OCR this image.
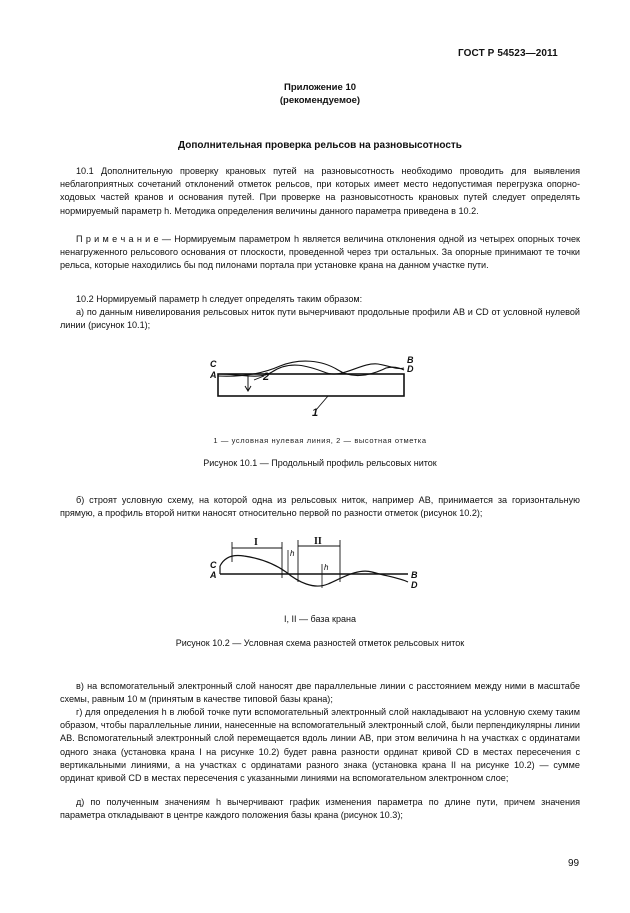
ГОСТ Р 54523—2011
Приложение 10
(рекомендуемое)
Дополнительная проверка рельсов на разновысотность
10.1 Дополнительную проверку крановых путей на разновысотность необходимо проводить для выявления неблагоприятных сочетаний отклонений отметок рельсов, при которых имеет место недопустимая перегрузка опорно-ходовых частей кранов и основания путей. При проверке на разновысотность крановых путей следует определять нормируемый параметр h. Методика определения величины данного параметра приведена в 10.2.
П р и м е ч а н и е — Нормируемым параметром h является величина отклонения одной из четырех опорных точек ненагруженного рельсового основания от плоскости, проведенной через три остальных. За опорные принимают те точки рельса, которые находились бы под пилонами портала при установке крана на данном участке пути.
10.2 Нормируемый параметр h следует определять таким образом:
а) по данным нивелирования рельсовых ниток пути вычерчивают продольные профили AB и CD от условной нулевой линии (рисунок 10.1);
C
A
B
D
2
1
1 — условная нулевая линия, 2 — высотная отметка
Рисунок 10.1 — Продольный профиль рельсовых ниток
б) строят условную схему, на которой одна из рельсовых ниток, например AB, принимается за горизонтальную прямую, а профиль второй нитки наносят относительно первой по разности отметок (рисунок 10.2);
I	II
h
h
C
A	B
D
I, II — база крана
Рисунок 10.2 — Условная схема разностей отметок рельсовых ниток
в) на вспомогательный электронный слой наносят две параллельные линии с расстоянием между ними в масштабе схемы, равным 10 м (принятым в качестве типовой базы крана);
г) для определения h в любой точке пути вспомогательный электронный слой накладывают на условную схему таким образом, чтобы параллельные линии, нанесенные на вспомогательный электронный слой, были перпендикулярны линии AB. Вспомогательный электронный слой перемещается вдоль линии AB, при этом величина h на участках с ординатами одного знака (установка крана I на рисунке 10.2) будет равна разности ординат кривой CD в местах пересечения с вертикальными линиями, а на участках с ординатами разного знака (установка крана II на рисунке 10.2) — сумме ординат кривой CD в местах пересечения с указанными линиями на вспомогательном электронном слое;
д) по полученным значениям h вычерчивают график изменения параметра по длине пути, причем значения параметра откладывают в центре каждого положения базы крана (рисунок 10.3);
99
